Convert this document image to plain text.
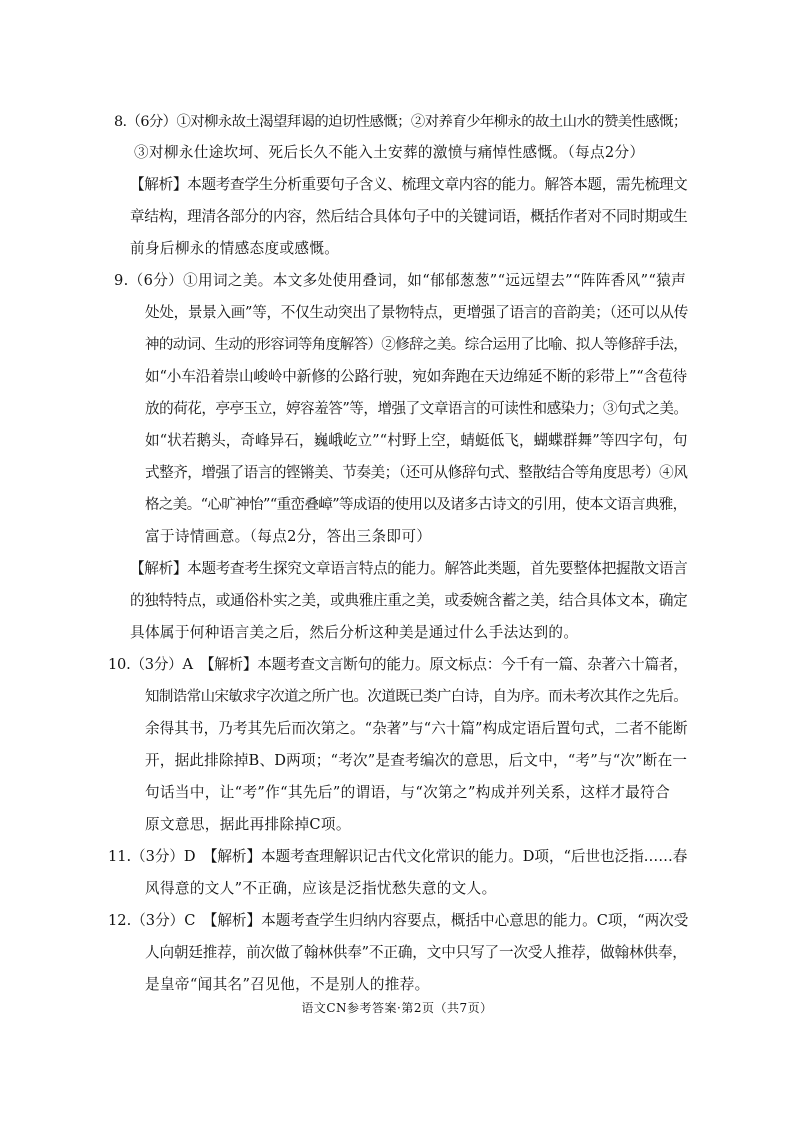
8.（6分）①对柳永故土渴望拜谒的迫切性感慨；②对养育少年柳永的故土山水的赞美性感慨；
③对柳永仕途坎坷、死后长久不能入土安葬的激愤与痛悼性感慨。（每点2分）
【解析】本题考查学生分析重要句子含义、梳理文章内容的能力。解答本题，需先梳理文
章结构，理清各部分的内容，然后结合具体句子中的关键词语，概括作者对不同时期或生
前身后柳永的情感态度或感慨。
9.（6分）①用词之美。本文多处使用叠词，如“郁郁葱葱”“远远望去”“阵阵香风”“猿声
处处，景景入画”等，不仅生动突出了景物特点，更增强了语言的音韵美；（还可以从传
神的动词、生动的形容词等角度解答）②修辞之美。综合运用了比喻、拟人等修辞手法，
如“小车沿着崇山峻岭中新修的公路行驶，宛如奔跑在天边绵延不断的彩带上”“含苞待
放的荷花，亭亭玉立，婷容羞答”等，增强了文章语言的可读性和感染力；③句式之美。
如“状若鹅头，奇峰异石，巍峨屹立”“村野上空，蜻蜓低飞，蝴蝶群舞”等四字句，句
式整齐，增强了语言的铿锵美、节奏美；（还可从修辞句式、整散结合等角度思考）④风
格之美。“心旷神怡”“重峦叠嶂”等成语的使用以及诸多古诗文的引用，使本文语言典雅，
富于诗情画意。（每点2分，答出三条即可）
【解析】本题考查考生探究文章语言特点的能力。解答此类题，首先要整体把握散文语言
的独特特点，或通俗朴实之美，或典雅庄重之美，或委婉含蓄之美，结合具体文本，确定
具体属于何种语言美之后，然后分析这种美是通过什么手法达到的。
10.（3分）A　【解析】本题考查文言断句的能力。原文标点：今千有一篇、杂著六十篇者，
知制诰常山宋敏求字次道之所广也。次道既已类广白诗，自为序。而未考次其作之先后。
余得其书，乃考其先后而次第之。“杂著”与“六十篇”构成定语后置句式，二者不能断
开，据此排除掉B、D两项；“考次”是查考编次的意思，后文中，“考”与“次”断在一
句话当中，让“考”作“其先后”的谓语，与“次第之”构成并列关系，这样才最符合
原文意思，据此再排除掉C项。
11.（3分）D　【解析】本题考查理解识记古代文化常识的能力。D项，“后世也泛指……春
风得意的文人”不正确，应该是泛指忧愁失意的文人。
12.（3分）C　【解析】本题考查学生归纳内容要点，概括中心意思的能力。C项，“两次受
人向朝廷推荐，前次做了翰林供奉”不正确，文中只写了一次受人推荐，做翰林供奉，
是皇帝“闻其名”召见他，不是别人的推荐。
语文CN参考答案·第2页（共7页）
